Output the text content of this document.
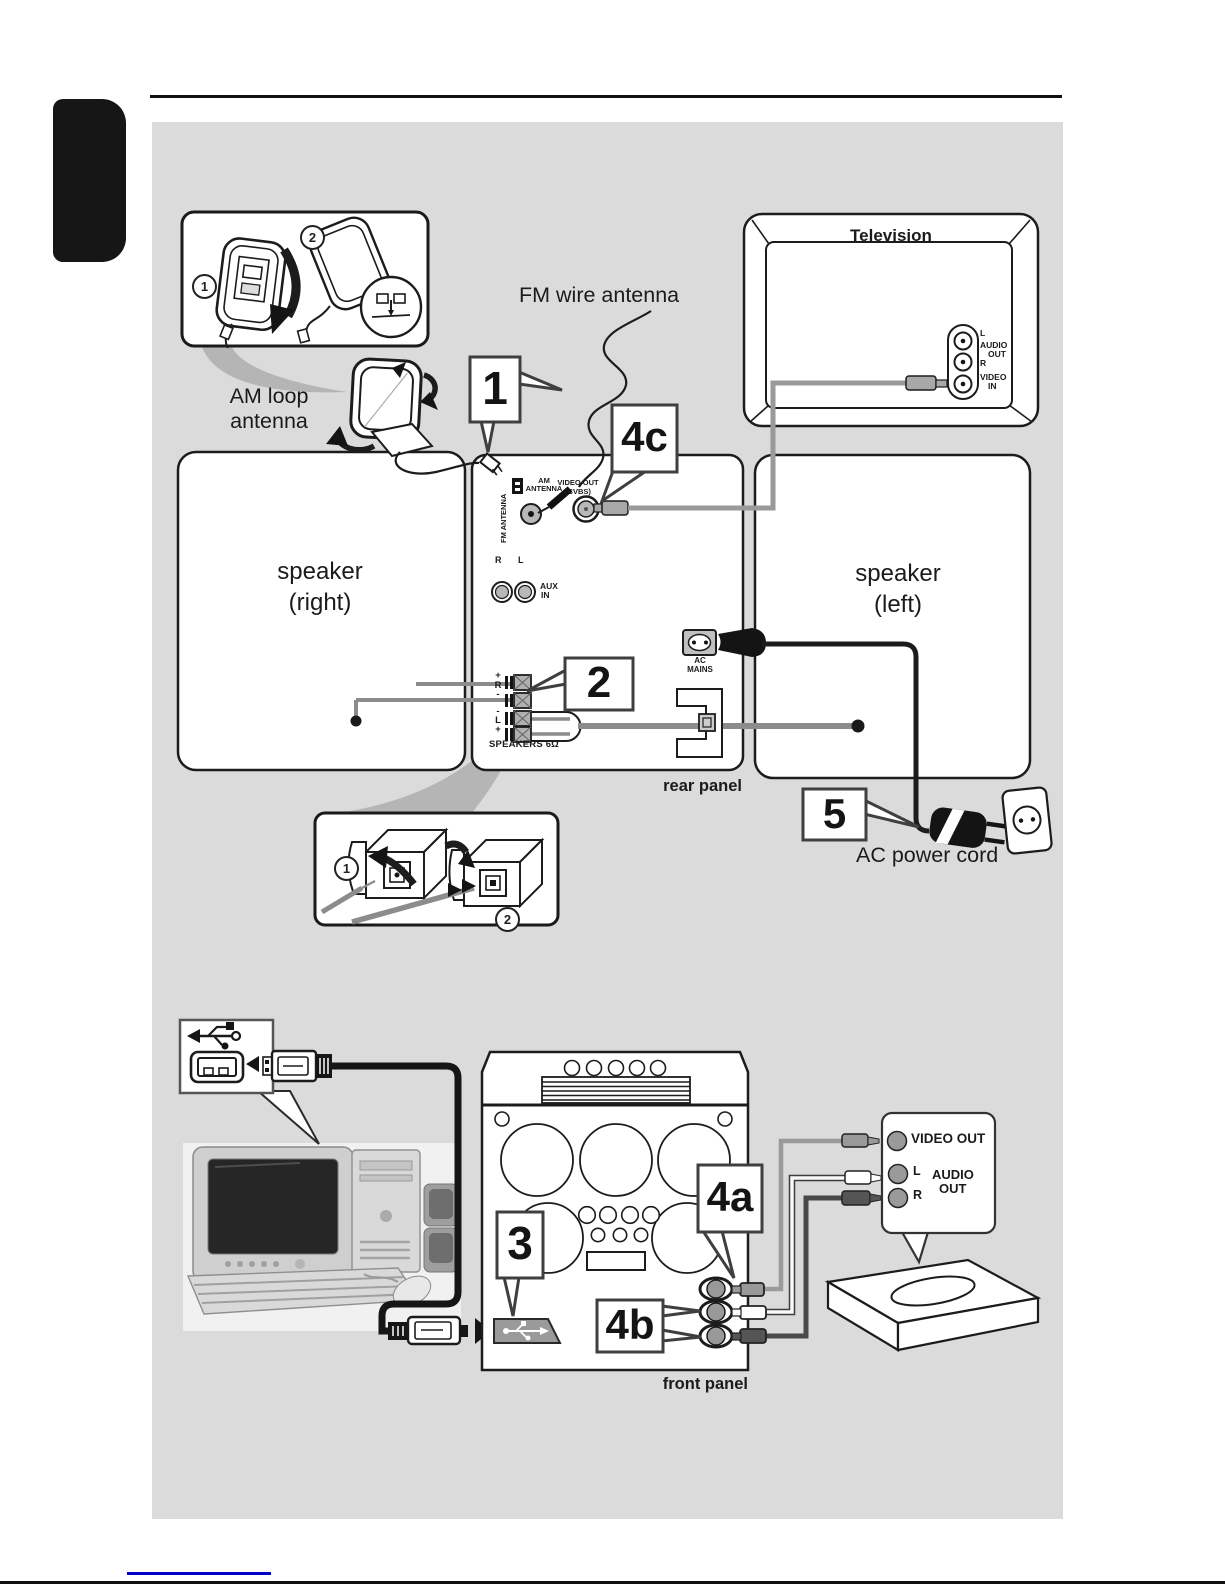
FM wire antenna
AM loop
antenna
Television
L
AUDIO
OUT
R
VIDEO
IN
AM
ANTENNA
FM ANTENNA
VIDEO OUT
(CVBS)
R L
AUX
IN
+
R
-
-
L
+
SPEAKERS 6Ω
AC
MAINS
rear panel
speaker
(right)
speaker
(left)
AC power cord
front panel
VIDEO OUT
L AUDIO
OUT
R
1
2
4c
5
3
4a
4b
1
2
1
2
